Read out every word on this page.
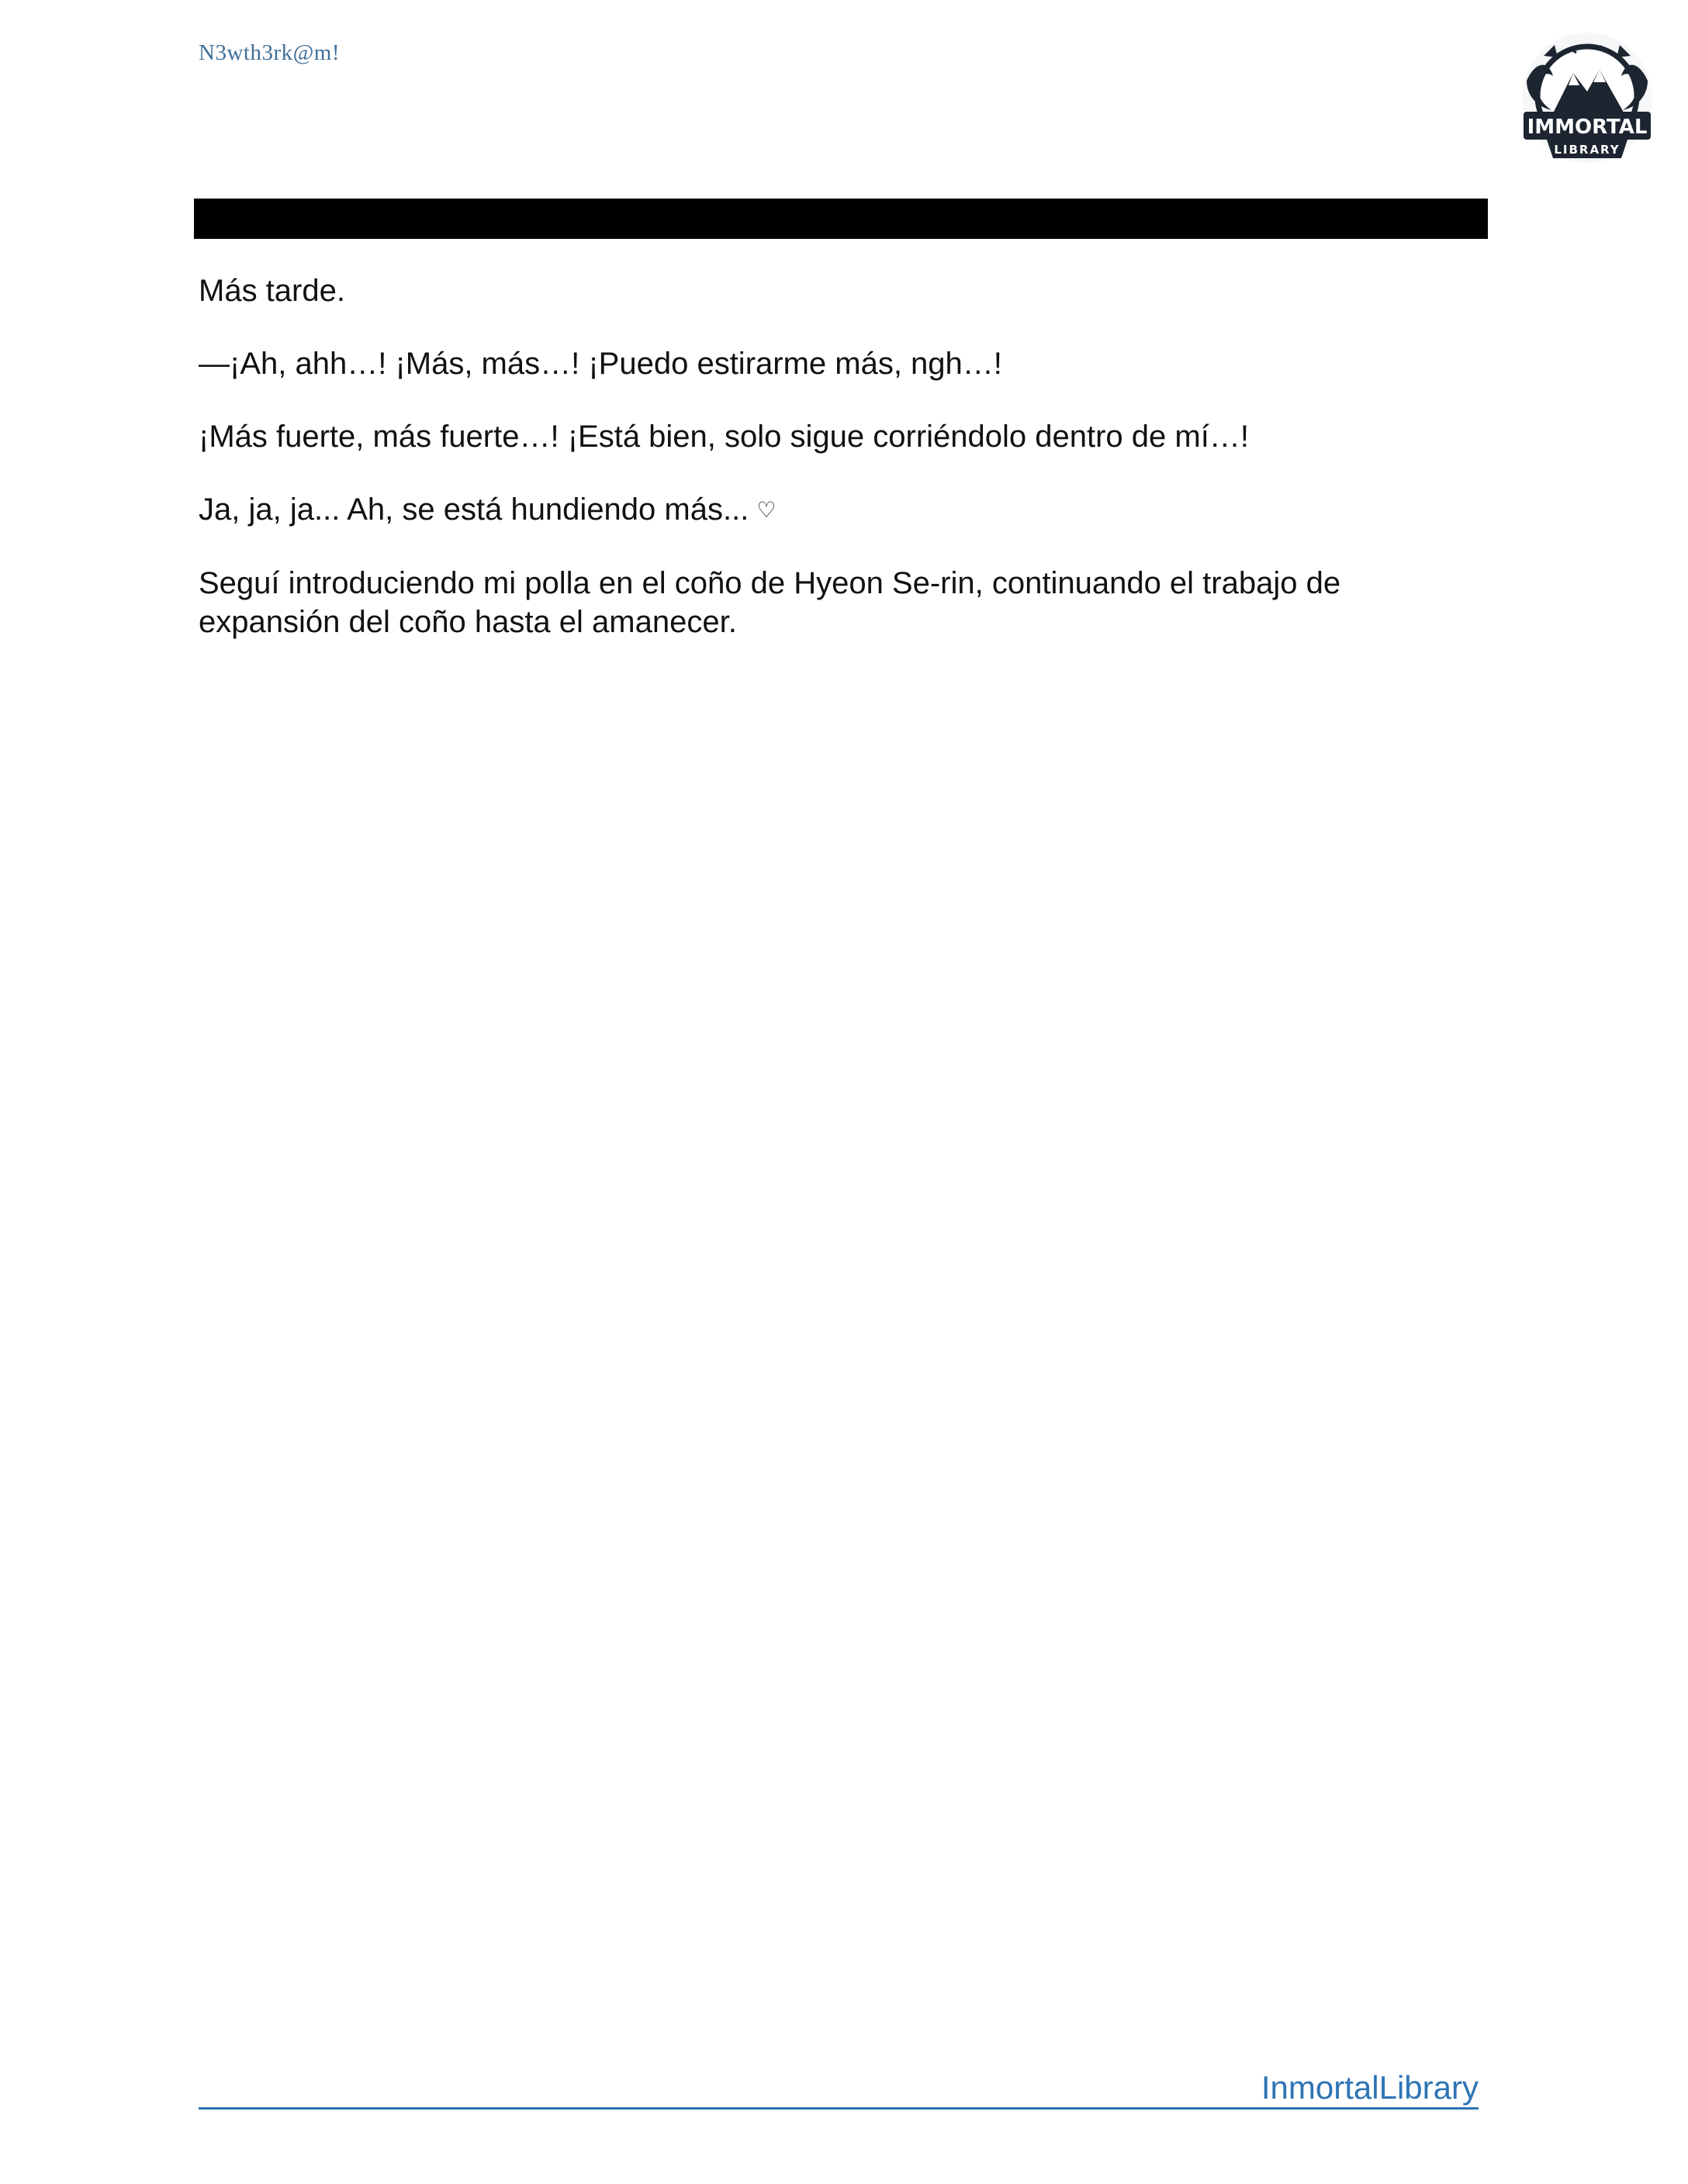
N3wth3rk@m!
IMMORTAL
LIBRARY

Más tarde.

—¡Ah, ahh…! ¡Más, más…! ¡Puedo estirarme más, ngh…!

¡Más fuerte, más fuerte…! ¡Está bien, solo sigue corriéndolo dentro de mí…!

Ja, ja, ja... Ah, se está hundiendo más... ♡

Seguí introduciendo mi polla en el coño de Hyeon Se-rin, continuando el trabajo de expansión del coño hasta el amanecer.

InmortalLibrary
